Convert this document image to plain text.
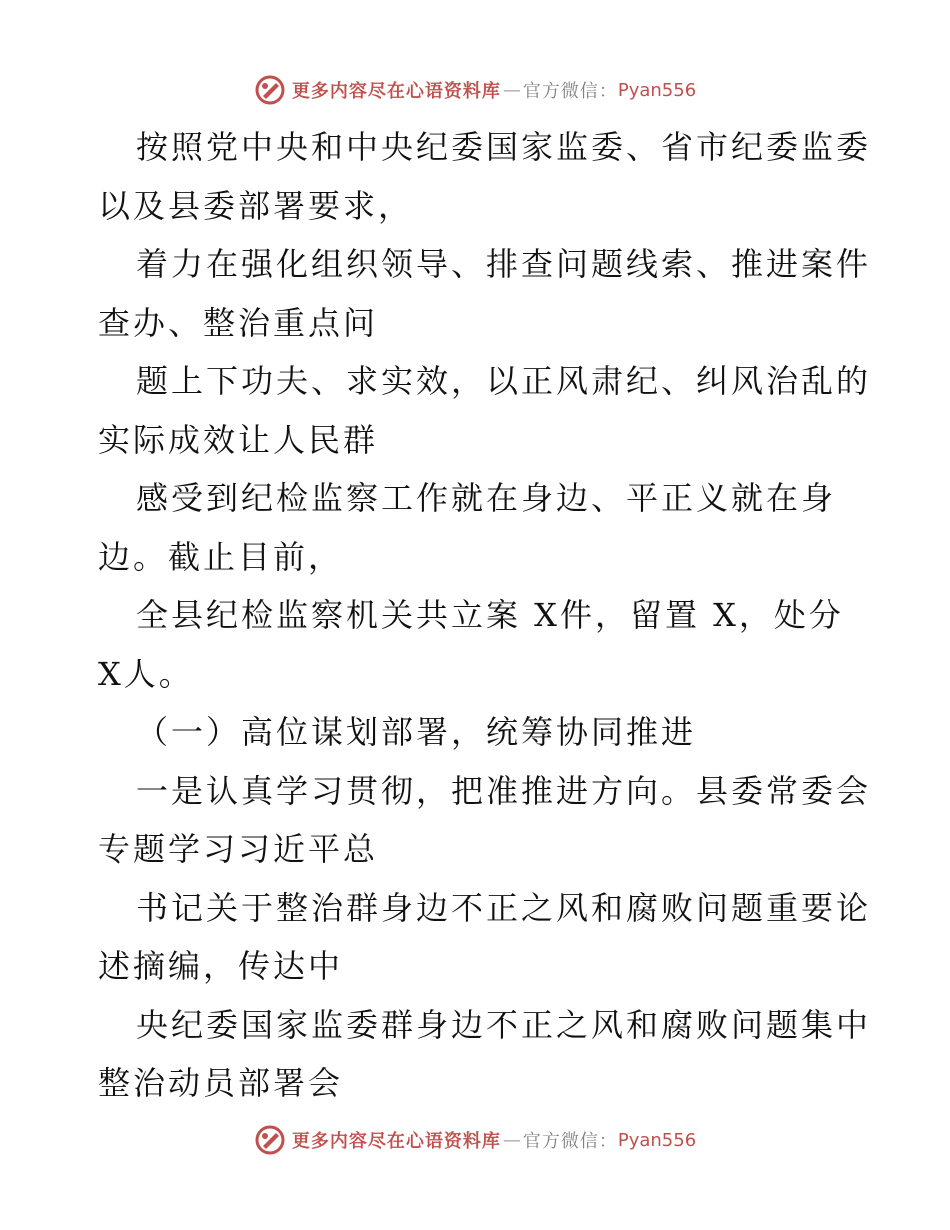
更多内容尽在心语资料库 — 官方微信： Pyan556
按照党中央和中央纪委国家监委、省市纪委监委
以及县委部署要求，
着力在强化组织领导、排查问题线索、推进案件
查办、整治重点问
题上下功夫、求实效，以正风肃纪、纠风治乱的
实际成效让人民群
感受到纪检监察工作就在身边、平正义就在身
边。截止目前，
全县纪检监察机关共立案 X件，留置 X，处分
X人。
（一）高位谋划部署，统筹协同推进
一是认真学习贯彻，把准推进方向。县委常委会
专题学习习近平总
书记关于整治群身边不正之风和腐败问题重要论
述摘编，传达中
央纪委国家监委群身边不正之风和腐败问题集中
整治动员部署会
更多内容尽在心语资料库 — 官方微信： Pyan556
